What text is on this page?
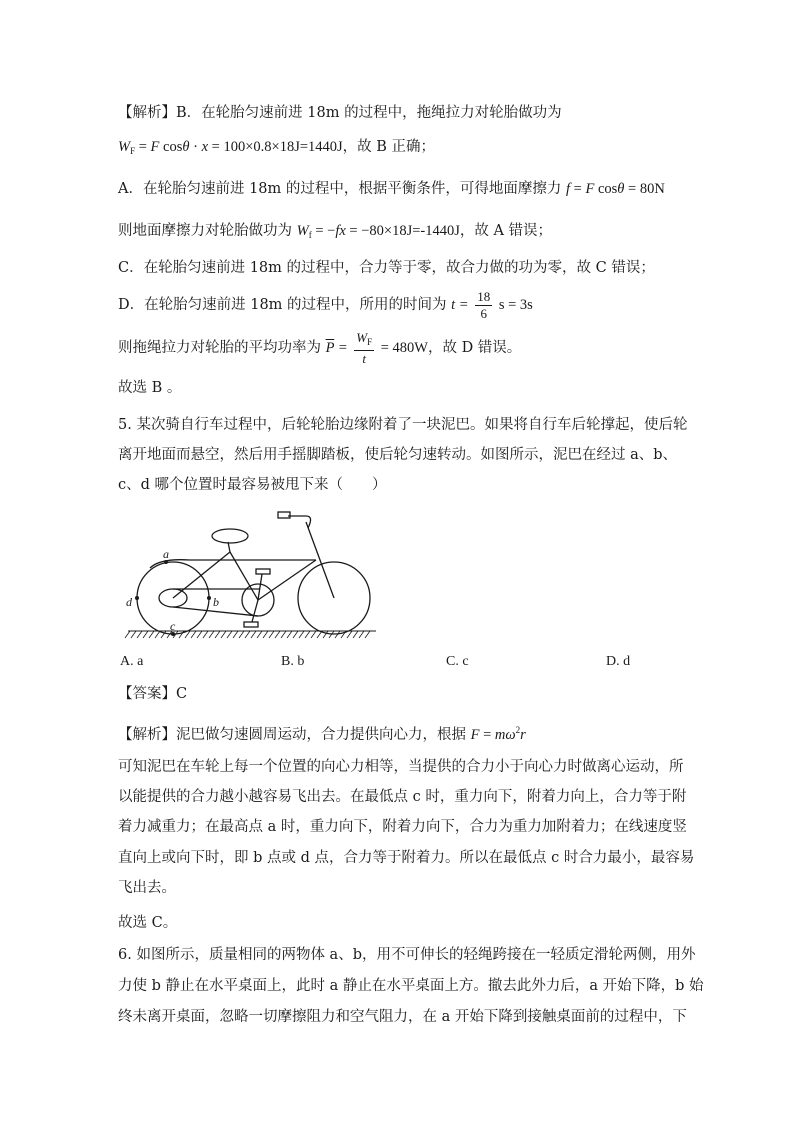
【解析】B．在轮胎匀速前进 18m 的过程中，拖绳拉力对轮胎做功为
$W_F = F$ cosθ · x = 100×0.8×18J=1440J，故 B 正确；
A．在轮胎匀速前进 18m 的过程中，根据平衡条件，可得地面摩擦力 f = F cosθ = 80N
则地面摩擦力对轮胎做功为 $W_f = -fx = -80\times 18J=-1440J$，故 A 错误；
C．在轮胎匀速前进 18m 的过程中，合力等于零，故合力做的功为零，故 C 错误；
D．在轮胎匀速前进 18m 的过程中，所用的时间为 $t = \frac{18}{6}$ s = 3s
则拖绳拉力对轮胎的平均功率为 $\overline{P} = \frac{W_F}{t} = 480W$，故 D 错误。
故选 B 。
5. 某次骑自行车过程中，后轮轮胎边缘附着了一块泥巴。如果将自行车后轮撑起，使后轮
离开地面而悬空，然后用手摇脚踏板，使后轮匀速转动。如图所示，泥巴在经过 a、b、
c、d 哪个位置时最容易被甩下来（　　）
a
b
c
d
A. a	B. b	C. c	D. d
【答案】C
【解析】泥巴做匀速圆周运动，合力提供向心力，根据 $F = m\omega^2r$
可知泥巴在车轮上每一个位置的向心力相等，当提供的合力小于向心力时做离心运动，所
以能提供的合力越小越容易飞出去。在最低点 c 时，重力向下，附着力向上，合力等于附
着力减重力；在最高点 a 时，重力向下，附着力向下，合力为重力加附着力；在线速度竖
直向上或向下时，即 b 点或 d 点，合力等于附着力。所以在最低点 c 时合力最小，最容易
飞出去。
故选 C。
6. 如图所示，质量相同的两物体 a、b，用不可伸长的轻绳跨接在一轻质定滑轮两侧，用外
力使 b 静止在水平桌面上，此时 a 静止在水平桌面上方。撤去此外力后，a 开始下降，b 始
终未离开桌面，忽略一切摩擦阻力和空气阻力，在 a 开始下降到接触桌面前的过程中，下
